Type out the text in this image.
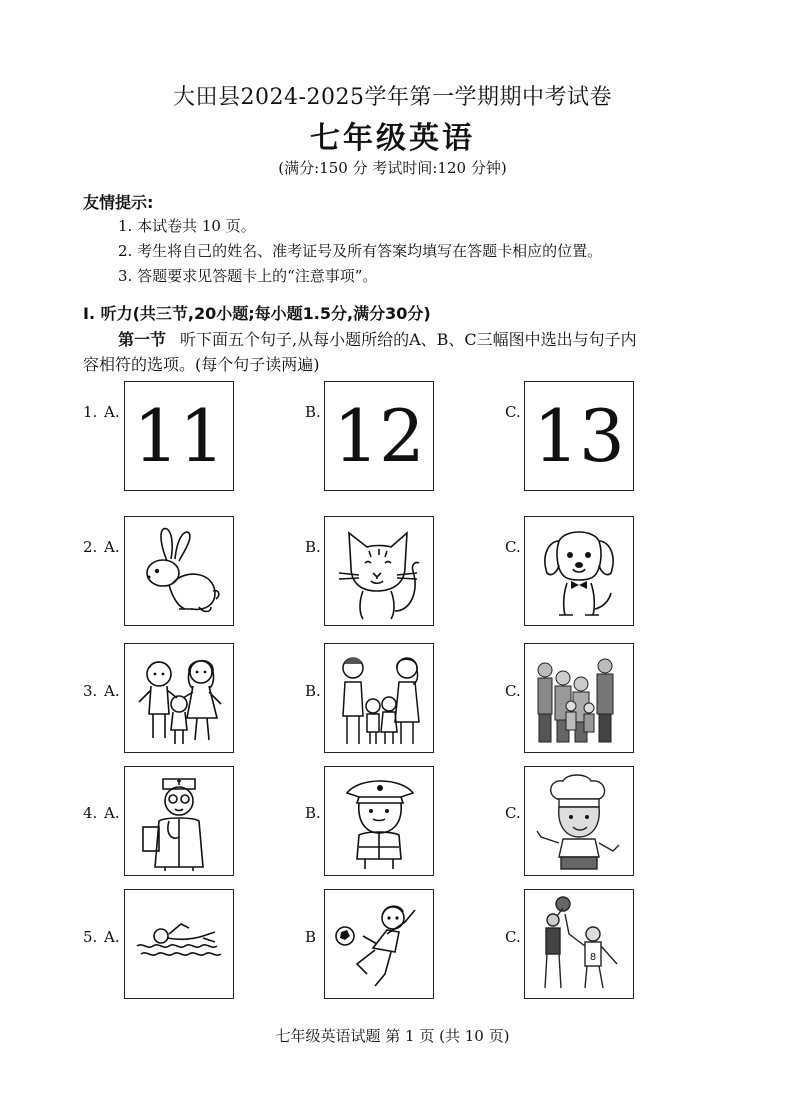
大田县2024-2025学年第一学期期中考试卷
七年级英语
(满分:150 分 考试时间:120 分钟)
友情提示:
1. 本试卷共 10 页。
2. 考生将自己的姓名、准考证号及所有答案均填写在答题卡相应的位置。
3. 答题要求见答题卡上的“注意事项”。
Ⅰ. 听力(共三节,20小题;每小题1.5分,满分30分)
第一节 听下面五个句子,从每小题所给的A、B、C三幅图中选出与句子内
容相符的选项。(每个句子读两遍)
1. A. 11	B. 12	C. 13
2. A.	B.	C.
3. A.	B.	C.
4. A.	B.	C.
5. A.	B	C.
8
七年级英语试题 第 1 页 (共 10 页)
